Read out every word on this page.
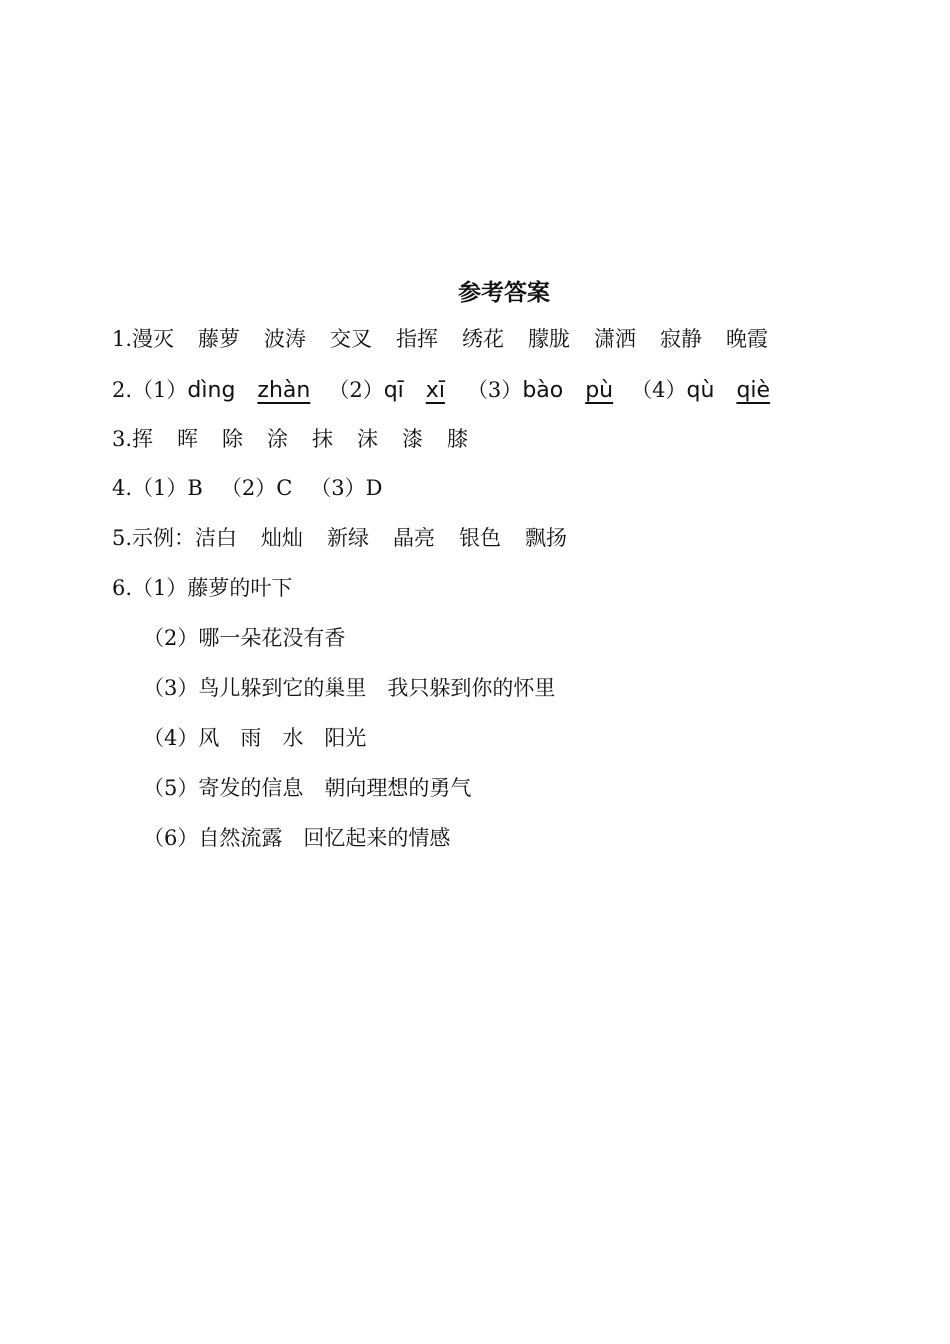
参考答案
1.漫灭 藤萝 波涛 交叉 指挥 绣花 朦胧 潇洒 寂静 晚霞
2.（1）dìng zhàn （2）qī xī （3）bào pù （4）qù qiè
3.挥 晖 除 涂 抹 沫 漆 膝
4.（1）B （2）C （3）D
5.示例：洁白 灿灿 新绿 晶亮 银色 飘扬
6.（1）藤萝的叶下
（2）哪一朵花没有香
（3）鸟儿躲到它的巢里　我只躲到你的怀里
（4）风　雨　水　阳光
（5）寄发的信息　朝向理想的勇气
（6）自然流露　回忆起来的情感
